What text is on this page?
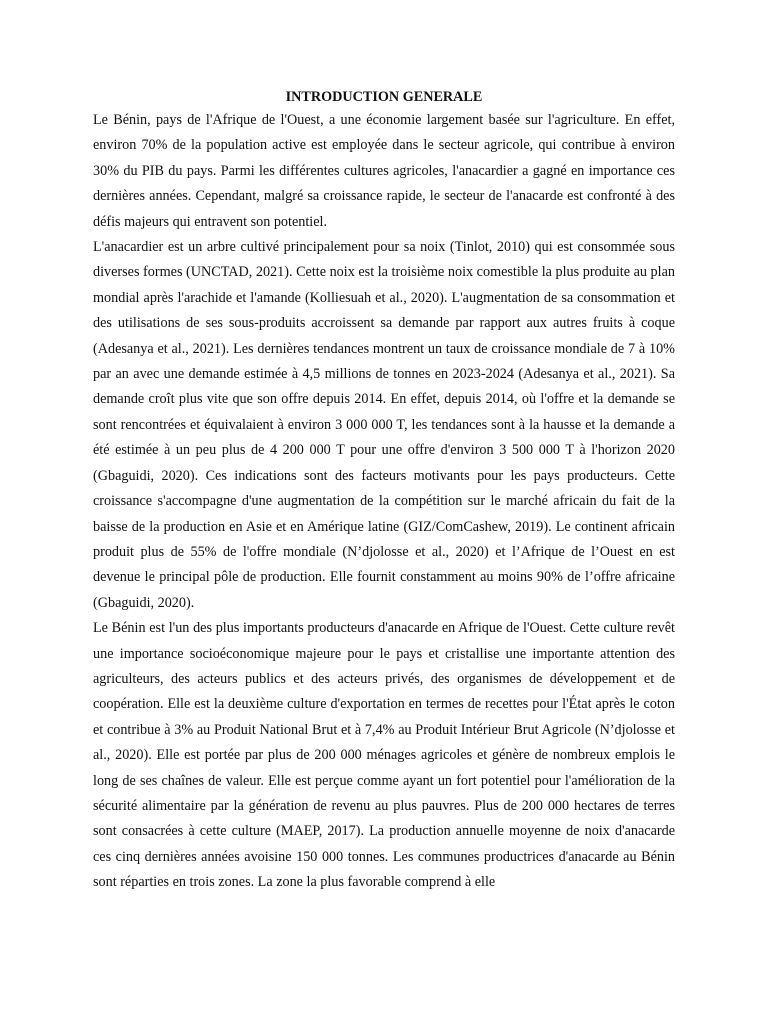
INTRODUCTION GENERALE

Le Bénin, pays de l'Afrique de l'Ouest, a une économie largement basée sur l'agriculture. En effet, environ 70% de la population active est employée dans le secteur agricole, qui contribue à environ 30% du PIB du pays. Parmi les différentes cultures agricoles, l'anacardier a gagné en importance ces dernières années. Cependant, malgré sa croissance rapide, le secteur de l'anacarde est confronté à des défis majeurs qui entravent son potentiel.

L'anacardier est un arbre cultivé principalement pour sa noix (Tinlot, 2010) qui est consommée sous diverses formes (UNCTAD, 2021). Cette noix est la troisième noix comestible la plus produite au plan mondial après l'arachide et l'amande (Kolliesuah et al., 2020). L'augmentation de sa consommation et des utilisations de ses sous-produits accroissent sa demande par rapport aux autres fruits à coque (Adesanya et al., 2021). Les dernières tendances montrent un taux de croissance mondiale de 7 à 10% par an avec une demande estimée à 4,5 millions de tonnes en 2023-2024 (Adesanya et al., 2021). Sa demande croît plus vite que son offre depuis 2014. En effet, depuis 2014, où l'offre et la demande se sont rencontrées et équivalaient à environ 3 000 000 T, les tendances sont à la hausse et la demande a été estimée à un peu plus de 4 200 000 T pour une offre d'environ 3 500 000 T à l'horizon 2020 (Gbaguidi, 2020). Ces indications sont des facteurs motivants pour les pays producteurs. Cette croissance s'accompagne d'une augmentation de la compétition sur le marché africain du fait de la baisse de la production en Asie et en Amérique latine (GIZ/ComCashew, 2019). Le continent africain produit plus de 55% de l'offre mondiale (N’djolosse et al., 2020) et l’Afrique de l’Ouest en est devenue le principal pôle de production. Elle fournit constamment au moins 90% de l’offre africaine (Gbaguidi, 2020).

Le Bénin est l'un des plus importants producteurs d'anacarde en Afrique de l'Ouest. Cette culture revêt une importance socioéconomique majeure pour le pays et cristallise une importante attention des agriculteurs, des acteurs publics et des acteurs privés, des organismes de développement et de coopération. Elle est la deuxième culture d'exportation en termes de recettes pour l'État après le coton et contribue à 3% au Produit National Brut et à 7,4% au Produit Intérieur Brut Agricole (N’djolosse et al., 2020). Elle est portée par plus de 200 000 ménages agricoles et génère de nombreux emplois le long de ses chaînes de valeur. Elle est perçue comme ayant un fort potentiel pour l'amélioration de la sécurité alimentaire par la génération de revenu au plus pauvres. Plus de 200 000 hectares de terres sont consacrées à cette culture (MAEP, 2017). La production annuelle moyenne de noix d'anacarde ces cinq dernières années avoisine 150 000 tonnes. Les communes productrices d'anacarde au Bénin sont réparties en trois zones. La zone la plus favorable comprend à elle
